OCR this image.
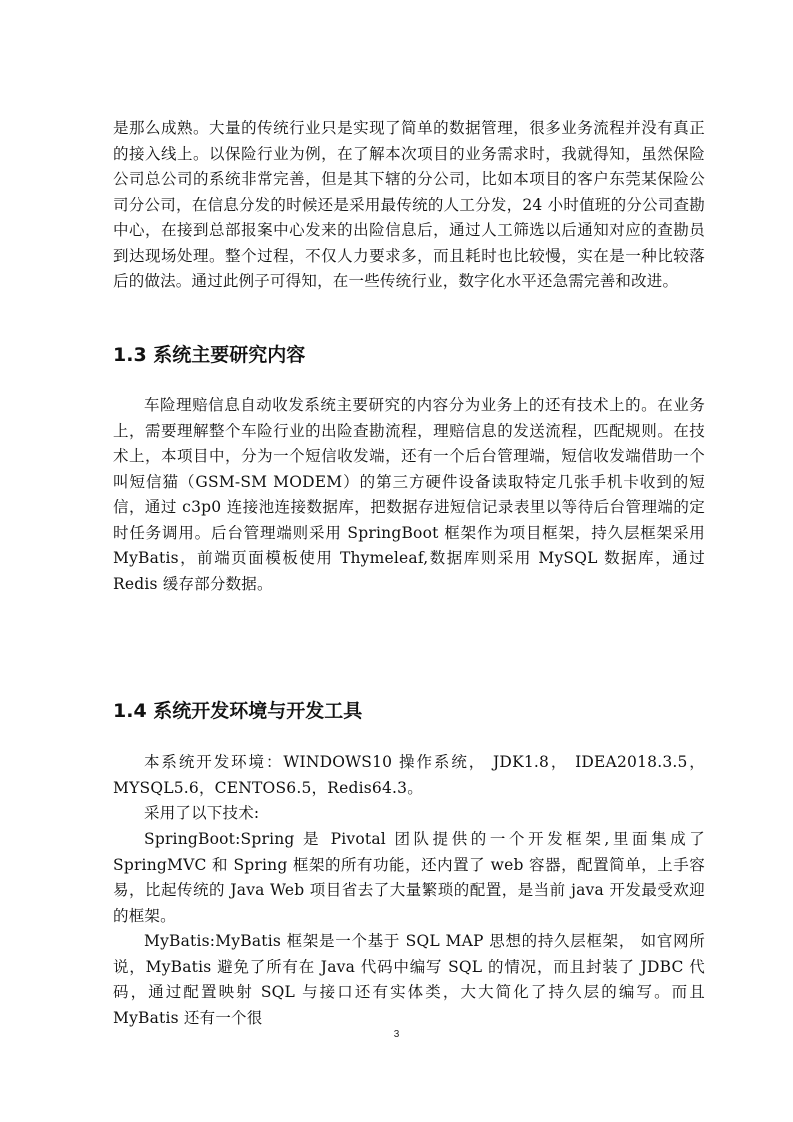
是那么成熟。大量的传统行业只是实现了简单的数据管理，很多业务流程并没有真正的接入线上。以保险行业为例，在了解本次项目的业务需求时，我就得知，虽然保险公司总公司的系统非常完善，但是其下辖的分公司，比如本项目的客户东莞某保险公司分公司，在信息分发的时候还是采用最传统的人工分发，24 小时值班的分公司查勘中心，在接到总部报案中心发来的出险信息后，通过人工筛选以后通知对应的查勘员到达现场处理。整个过程，不仅人力要求多，而且耗时也比较慢，实在是一种比较落后的做法。通过此例子可得知，在一些传统行业，数字化水平还急需完善和改进。

1.3 系统主要研究内容

车险理赔信息自动收发系统主要研究的内容分为业务上的还有技术上的。在业务上，需要理解整个车险行业的出险查勘流程，理赔信息的发送流程，匹配规则。在技术上，本项目中，分为一个短信收发端，还有一个后台管理端，短信收发端借助一个叫短信猫（GSM-SM MODEM）的第三方硬件设备读取特定几张手机卡收到的短信，通过 c3p0 连接池连接数据库，把数据存进短信记录表里以等待后台管理端的定时任务调用。后台管理端则采用 SpringBoot 框架作为项目框架，持久层框架采用 MyBatis，前端页面模板使用 Thymeleaf,数据库则采用 MySQL 数据库，通过 Redis 缓存部分数据。

1.4 系统开发环境与开发工具

本系统开发环境：WINDOWS10 操作系统， JDK1.8， IDEA2018.3.5，MYSQL5.6，CENTOS6.5，Redis64.3。

采用了以下技术:

SpringBoot:Spring 是 Pivotal 团队提供的一个开发框架,里面集成了 SpringMVC 和 Spring 框架的所有功能，还内置了 web 容器，配置简单，上手容易，比起传统的 Java Web 项目省去了大量繁琐的配置，是当前 java 开发最受欢迎的框架。

MyBatis:MyBatis 框架是一个基于 SQL MAP 思想的持久层框架， 如官网所说，MyBatis 避免了所有在 Java 代码中编写 SQL 的情况，而且封装了 JDBC 代码，通过配置映射 SQL 与接口还有实体类，大大简化了持久层的编写。而且 MyBatis 还有一个很

3
